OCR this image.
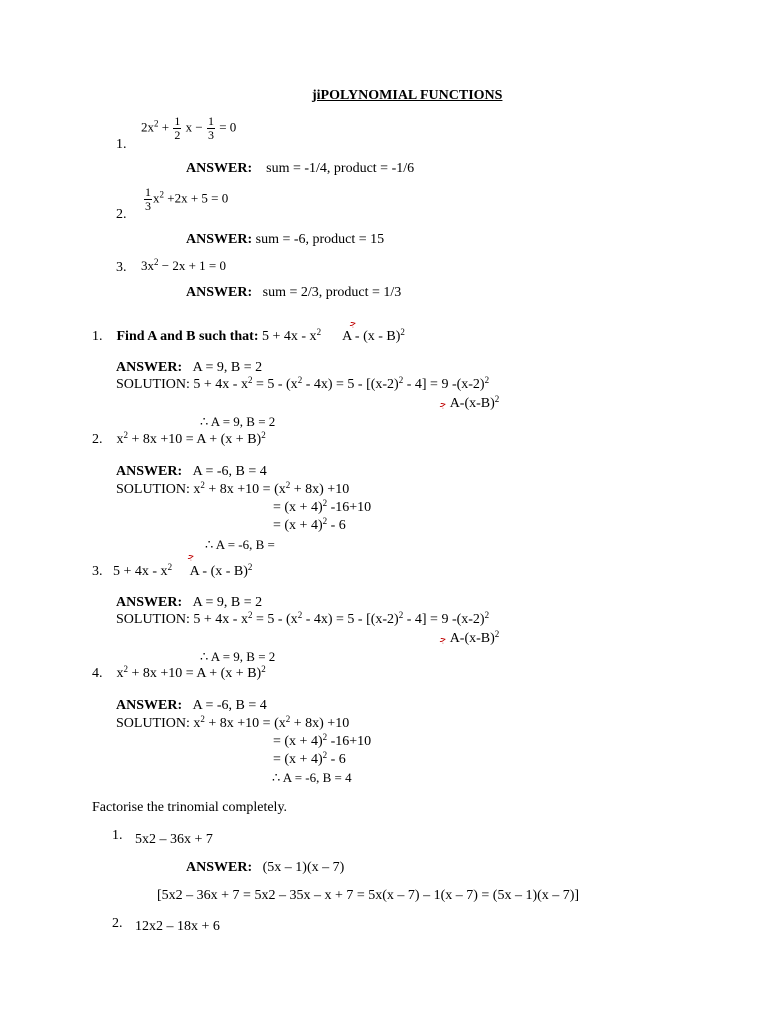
jiPOLYNOMIAL FUNCTIONS
1.
$2x^2 + \frac{1}{2}$ $x - \frac{1}{3} = 0$
ANSWER: sum = -1/4, product = -1/6
2.
$\frac{1}{3} x^2 +2x + 5 = 0$
ANSWER: sum = -6, product = 15
3. $3x^2 - 2x + 1 = 0$
ANSWER: sum = 2/3, product = 1/3
ﺟ
1. Find A and B such that: $5 + 4x - x^2$ A - (x - B)$^2$
ANSWER: A = 9, B = 2
SOLUTION: $5 + 4x - x^2 = 5 - (x^2 - 4x) = 5 - [(x-2)^2 - 4] = 9$ $-(x-2)^2$
ﺟ $A-(x-B)^2$
∴ A = 9, B = 2
2. $x^2 + 8x +10 = A + (x + B)^2$
ANSWER: A = -6, B = 4
SOLUTION: $x^2 + 8x +10 = (x^2 + 8x) +10$
= $(x + 4)^2$ -16+10
= $(x + 4)^2 - 6$
∴ A = -6, B =
ﺟ
3. $5 + 4x - x^2$ A - (x - B)$^2$
ANSWER: A = 9, B = 2
SOLUTION: $5 + 4x - x^2 = 5 - (x^2 - 4x) = 5 - [(x-2)^2 - 4] = 9$ $-(x-2)^2$
ﺟ $A-(x-B)^2$
∴ A = 9, B = 2
4. $x^2 + 8x +10 = A + (x + B)^2$
ANSWER: A = -6, B = 4
SOLUTION: $x^2 + 8x +10 = (x^2 + 8x) +10$
= $(x + 4)^2$ -16+10
= $(x + 4)^2 - 6$
∴ A = -6, B = 4
Factorise the trinomial completely.
1. 5x2 – 36x + 7
ANSWER: (5x – 1)(x – 7)
[5x2 – 36x + 7 = 5x2 – 35x – x + 7 = 5x(x – 7) – 1(x – 7) = (5x – 1)(x – 7)]
2. 12x2 – 18x + 6
